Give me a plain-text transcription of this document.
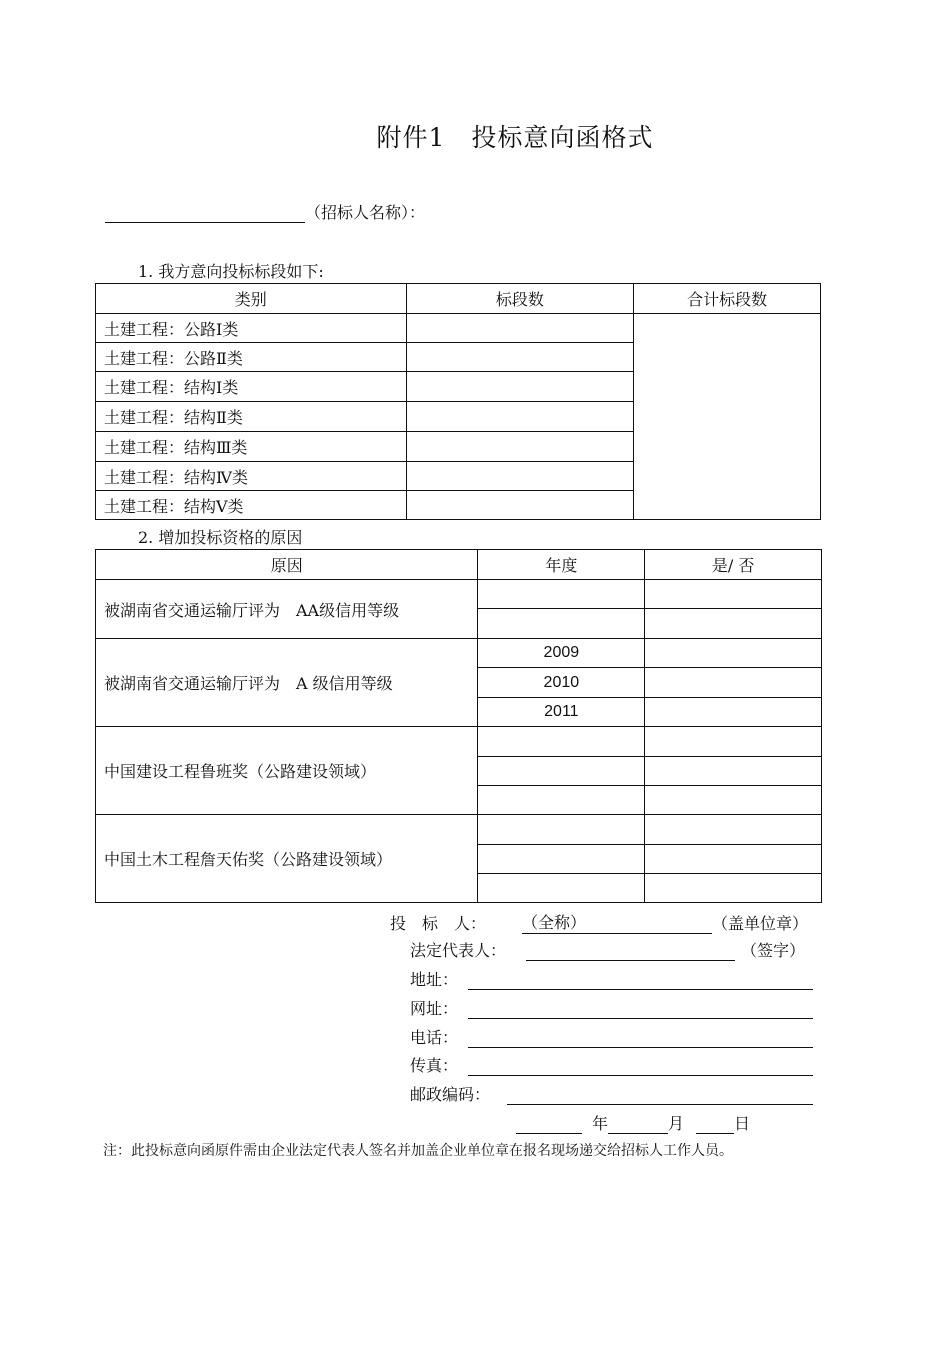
附件1　投标意向函格式
（招标人名称）：
1. 我方意向投标标段如下:
类别	标段数	合计标段数
土建工程：公路Ⅰ类		
土建工程：公路Ⅱ类		
土建工程：结构Ⅰ类		
土建工程：结构Ⅱ类		
土建工程：结构Ⅲ类		
土建工程：结构Ⅳ类		
土建工程：结构Ⅴ类		
2. 增加投标资格的原因
原因	年度	是/ 否
被湖南省交通运输厅评为　AA级信用等级		

被湖南省交通运输厅评为　A 级信用等级	2009	
	2010	
	2011	
中国建设工程鲁班奖（公路建设领域）		

中国土木工程詹天佑奖（公路建设领域）		

投　标　人：	（全称）	（盖单位章）
法定代表人：	（签字）
地址：
网址：
电话：
传真：
邮政编码：
年	月	日
注：此投标意向函原件需由企业法定代表人签名并加盖企业单位章在报名现场递交给招标人工作人员。
